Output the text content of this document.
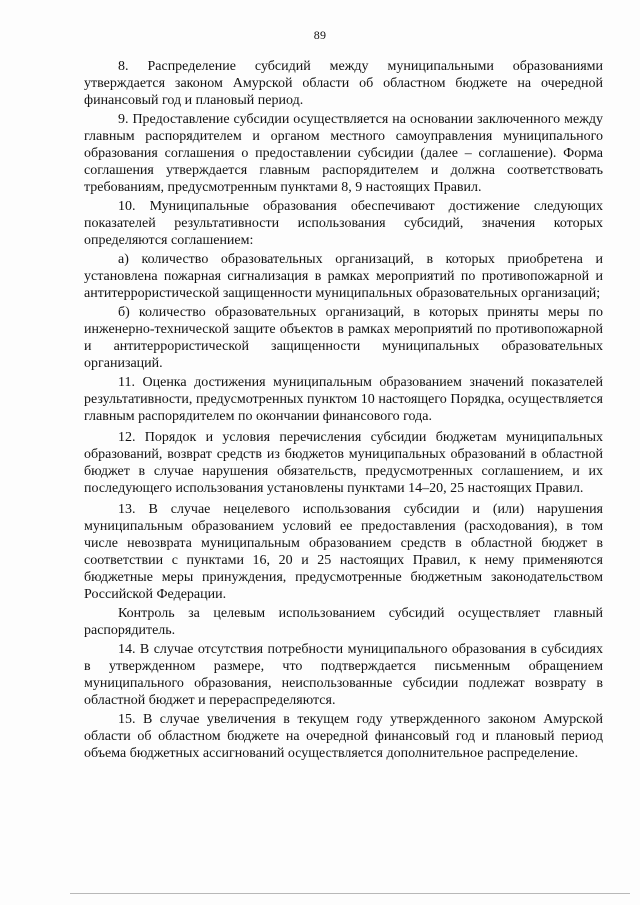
89

8. Распределение субсидий между муниципальными образованиями утверждается законом Амурской области об областном бюджете на очередной финансовый год и плановый период.

9. Предоставление субсидии осуществляется на основании заключенного между главным распорядителем и органом местного самоуправления муниципального образования соглашения о предоставлении субсидии (далее – соглашение). Форма соглашения утверждается главным распорядителем и должна соответствовать требованиям, предусмотренным пунктами 8, 9 настоящих Правил.

10. Муниципальные образования обеспечивают достижение следующих показателей результативности использования субсидий, значения которых определяются соглашением:

а) количество образовательных организаций, в которых приобретена и установлена пожарная сигнализация в рамках мероприятий по противопожарной и антитеррористической защищенности муниципальных образовательных организаций;

б) количество образовательных организаций, в которых приняты меры по инженерно-технической защите объектов в рамках мероприятий по противопожарной и антитеррористической защищенности муниципальных образовательных организаций.

11. Оценка достижения муниципальным образованием значений показателей результативности, предусмотренных пунктом 10 настоящего Порядка, осуществляется главным распорядителем по окончании финансового года.

12. Порядок и условия перечисления субсидии бюджетам муниципальных образований, возврат средств из бюджетов муниципальных образований в областной бюджет в случае нарушения обязательств, предусмотренных соглашением, и их последующего использования установлены пунктами 14–20, 25 настоящих Правил.

13. В случае нецелевого использования субсидии и (или) нарушения муниципальным образованием условий ее предоставления (расходования), в том числе невозврата муниципальным образованием средств в областной бюджет в соответствии с пунктами 16, 20 и 25 настоящих Правил, к нему применяются бюджетные меры принуждения, предусмотренные бюджетным законодательством Российской Федерации.

Контроль за целевым использованием субсидий осуществляет главный распорядитель.

14. В случае отсутствия потребности муниципального образования в субсидиях в утвержденном размере, что подтверждается письменным обращением муниципального образования, неиспользованные субсидии подлежат возврату в областной бюджет и перераспределяются.

15. В случае увеличения в текущем году утвержденного законом Амурской области об областном бюджете на очередной финансовый год и плановый период объема бюджетных ассигнований осуществляется дополнительное распределение.
